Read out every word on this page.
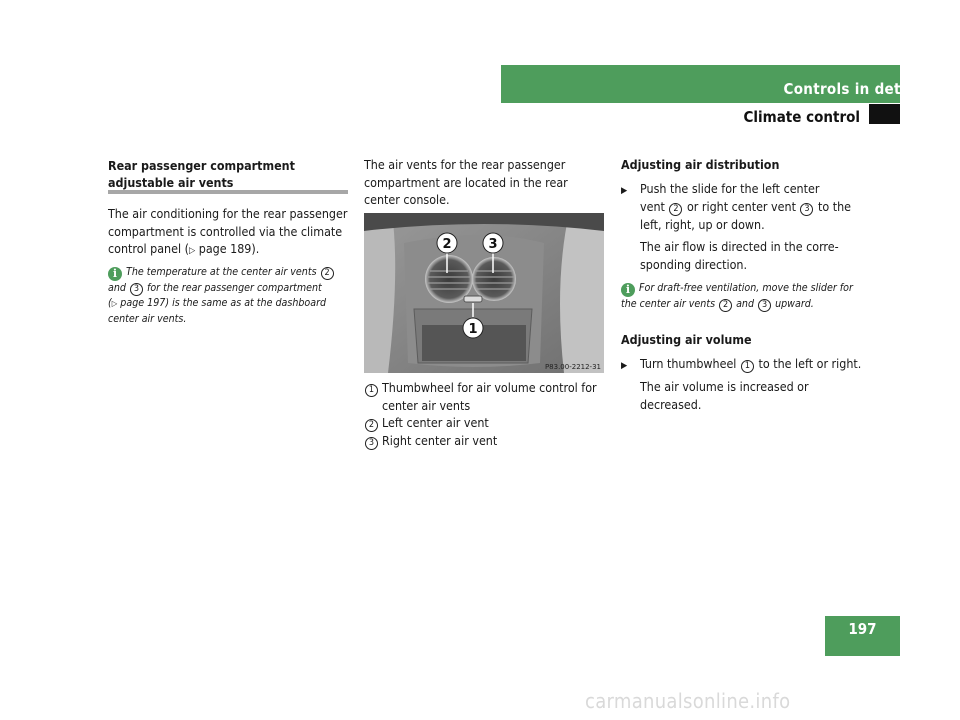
Controls in detail
Climate control
Rear passenger compartment
adjustable air vents
The air conditioning for the rear passenger
compartment is controlled via the climate
control panel (▷ page 189).
i The temperature at the center air vents 2
and 3 for the rear passenger compartment
(▷ page 197) is the same as at the dashboard
center air vents.
The air vents for the rear passenger
compartment are located in the rear
center console.
2	3
1
P83.00-2212-31
1 Thumbwheel for air volume control for
center air vents
2 Left center air vent
3 Right center air vent
Adjusting air distribution
▶	Push the slide for the left center
vent 2 or right center vent 3 to the
left, right, up or down.
The air flow is directed in the corre-
sponding direction.
i For draft-free ventilation, move the slider for
the center air vents 2 and 3 upward.
Adjusting air volume
▶	Turn thumbwheel 1 to the left or right.
The air volume is increased or
decreased.
197
carmanualsonline.info
